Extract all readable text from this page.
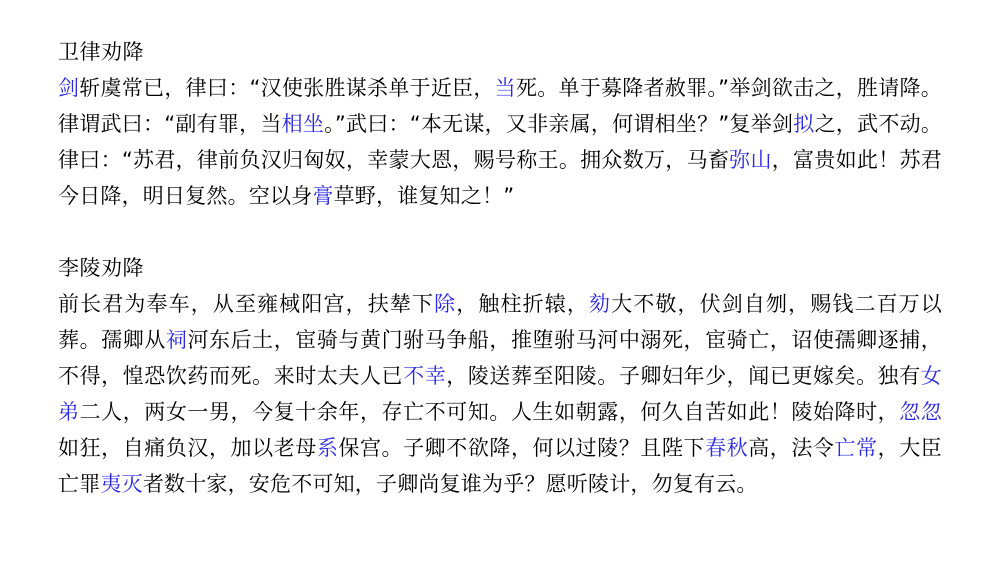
卫律劝降
剑斩虞常已，律曰：“汉使张胜谋杀单于近臣，当死。单于募降者赦罪。”举剑欲击之，胜请降。律谓武曰：“副有罪，当相坐。”武曰：“本无谋，又非亲属，何谓相坐？”复举剑拟之，武不动。律曰：“苏君，律前负汉归匈奴，幸蒙大恩，赐号称王。拥众数万，马畜弥山，富贵如此！苏君今日降，明日复然。空以身膏草野，谁复知之！”
李陵劝降
前长君为奉车，从至雍棫阳宫，扶辇下除，触柱折辕，劾大不敬，伏剑自刎，赐钱二百万以葬。孺卿从祠河东后土，宦骑与黄门驸马争船，推堕驸马河中溺死，宦骑亡，诏使孺卿逐捕，不得，惶恐饮药而死。来时太夫人已不幸，陵送葬至阳陵。子卿妇年少，闻已更嫁矣。独有女弟二人，两女一男，今复十余年，存亡不可知。人生如朝露，何久自苦如此！陵始降时，忽忽如狂，自痛负汉，加以老母系保宫。子卿不欲降，何以过陵？且陛下春秋高，法令亡常，大臣亡罪夷灭者数十家，安危不可知，子卿尚复谁为乎？愿听陵计，勿复有云。
